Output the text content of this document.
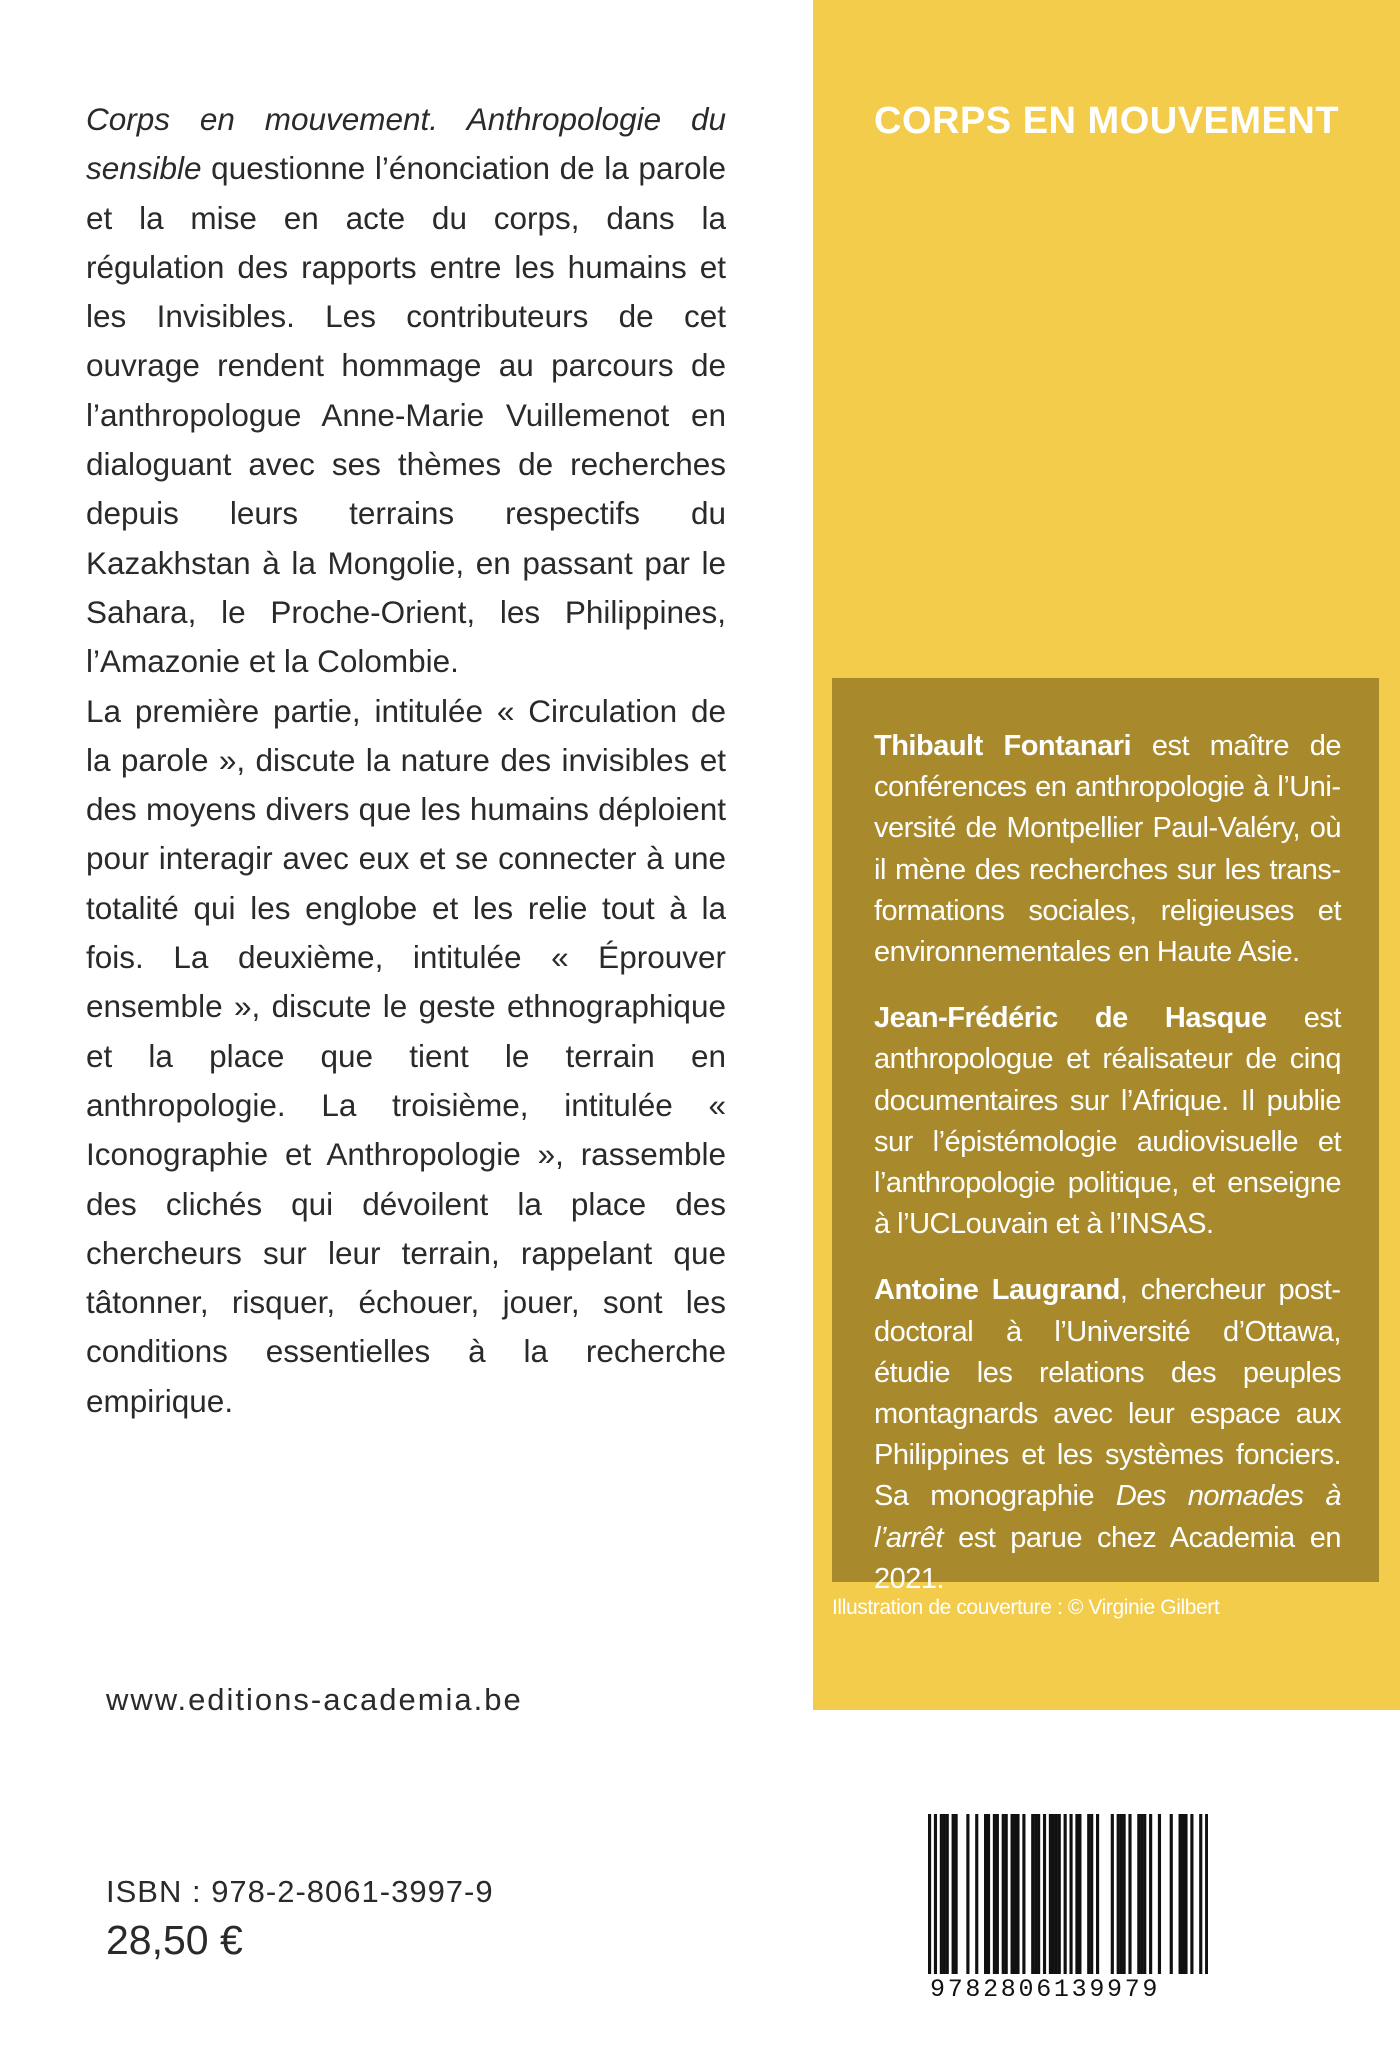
Corps en mouvement. Anthropologie du sensible questionne l’énonciation de la parole et la mise en acte du corps, dans la régulation des rapports entre les humains et les Invisibles. Les contributeurs de cet ouvrage rendent hommage au parcours de l’anthropologue Anne-Marie Vuillemenot en dialoguant avec ses thèmes de recherches depuis leurs terrains respectifs du Kazakhstan à la Mongolie, en passant par le Sahara, le Proche-Orient, les Philippines, l’Amazonie et la Colombie.

La première partie, intitulée « Circulation de la parole », discute la nature des invisibles et des moyens divers que les humains déploient pour interagir avec eux et se connecter à une totalité qui les englobe et les relie tout à la fois. La deuxième, intitulée « Éprouver ensemble », discute le geste ethnographique et la place que tient le terrain en anthropologie. La troisième, intitulée « Iconographie et Anthropologie », rassemble des clichés qui dévoilent la place des chercheurs sur leur terrain, rappelant que tâtonner, risquer, échouer, jouer, sont les conditions essentielles à la recherche empirique.

CORPS EN MOUVEMENT

Thibault Fontanari est maître de conférences en anthropologie à l’Université de Montpellier Paul-Valéry, où il mène des recherches sur les transformations sociales, religieuses et environnementales en Haute Asie.

Jean-Frédéric de Hasque est anthropologue et réalisateur de cinq documentaires sur l’Afrique. Il publie sur l’épistémologie audiovisuelle et l’anthropologie politique, et enseigne à l’UCLouvain et à l’INSAS.

Antoine Laugrand, chercheur postdoctoral à l’Université d’Ottawa, étudie les relations des peuples montagnards avec leur espace aux Philippines et les systèmes fonciers. Sa monographie Des nomades à l’arrêt est parue chez Academia en 2021.

Illustration de couverture : © Virginie Gilbert
www.editions-academia.be
ISBN : 978-2-8061-3997-9
28,50 €
9782806139979
